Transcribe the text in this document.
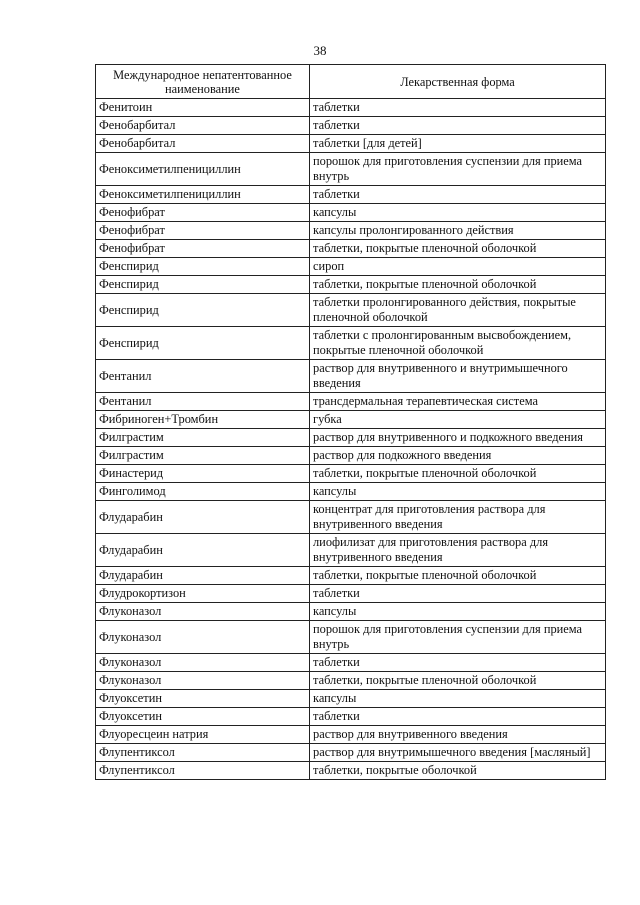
38
Международное непатентованное наименование	Лекарственная форма
Фенитоин	таблетки
Фенобарбитал	таблетки
Фенобарбитал	таблетки [для детей]
Феноксиметилпенициллин	порошок для приготовления суспензии для приема внутрь
Феноксиметилпенициллин	таблетки
Фенофибрат	капсулы
Фенофибрат	капсулы пролонгированного действия
Фенофибрат	таблетки, покрытые пленочной оболочкой
Фенспирид	сироп
Фенспирид	таблетки, покрытые пленочной оболочкой
Фенспирид	таблетки пролонгированного действия, покрытые пленочной оболочкой
Фенспирид	таблетки с пролонгированным высвобождением, покрытые пленочной оболочкой
Фентанил	раствор для внутривенного и внутримышечного введения
Фентанил	трансдермальная терапевтическая система
Фибриноген+Тромбин	губка
Филграстим	раствор для внутривенного и подкожного введения
Филграстим	раствор для подкожного введения
Финастерид	таблетки, покрытые пленочной оболочкой
Финголимод	капсулы
Флударабин	концентрат для приготовления раствора для внутривенного введения
Флударабин	лиофилизат для приготовления раствора для внутривенного введения
Флударабин	таблетки, покрытые пленочной оболочкой
Флудрокортизон	таблетки
Флуконазол	капсулы
Флуконазол	порошок для приготовления суспензии для приема внутрь
Флуконазол	таблетки
Флуконазол	таблетки, покрытые пленочной оболочкой
Флуоксетин	капсулы
Флуоксетин	таблетки
Флуоресцеин натрия	раствор для внутривенного введения
Флупентиксол	раствор для внутримышечного введения [масляный]
Флупентиксол	таблетки, покрытые оболочкой
